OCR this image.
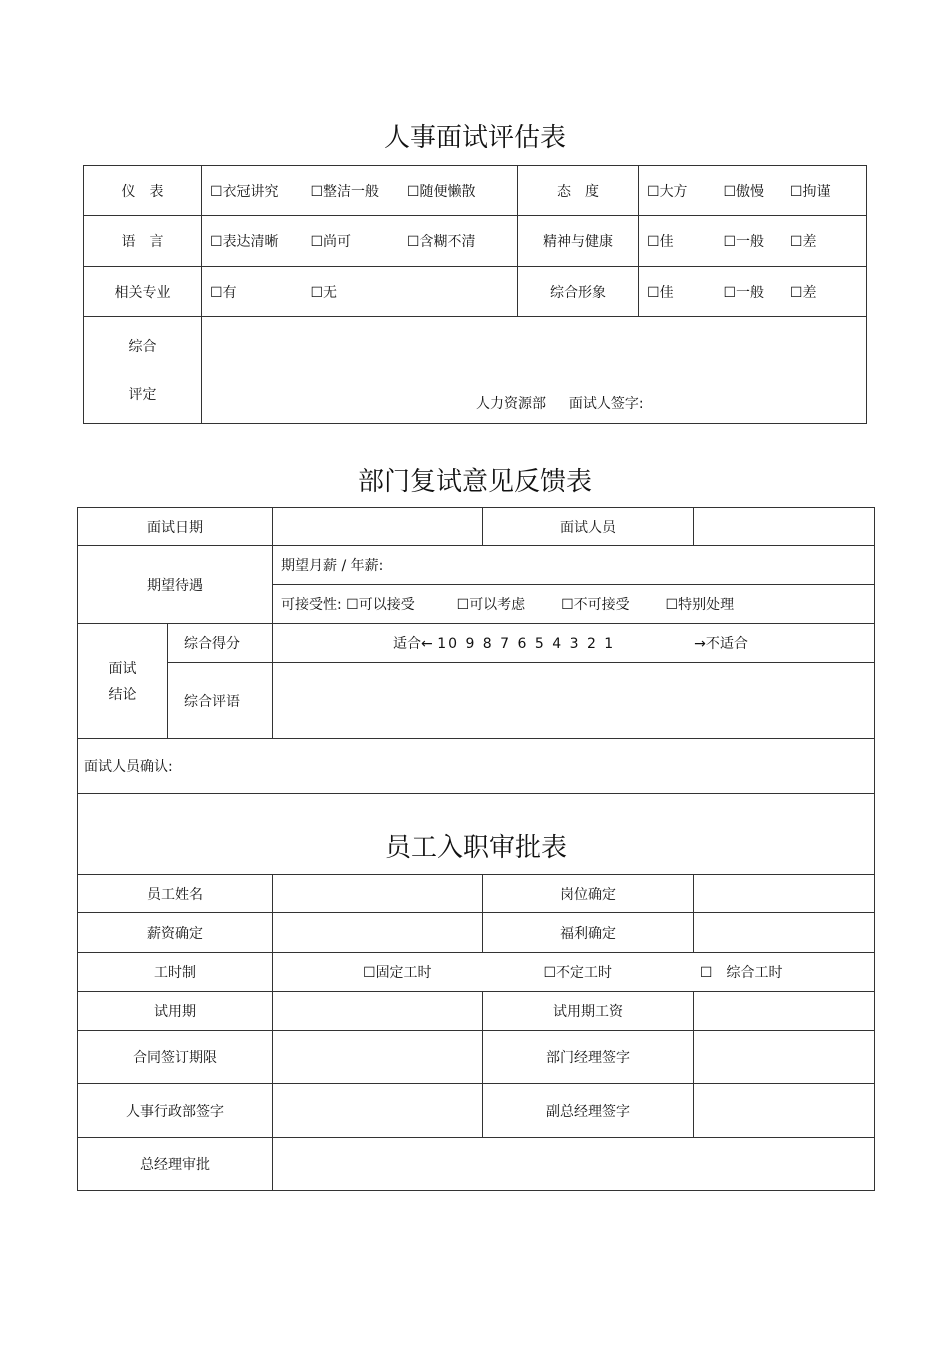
人事面试评估表
仪　表	☐ 衣冠讲究 ☐ 整洁一般 ☐ 随便懒散	态　度	☐ 大方 ☐ 傲慢 ☐ 拘谨
语　言	☐ 表达清晰 ☐ 尚可 ☐ 含糊不清	精神与健康	☐ 佳 ☐ 一般 ☐ 差
相关专业	☐ 有 ☐ 无	综合形象	☐ 佳 ☐ 一般 ☐ 差

综合
评定	人力资源部 面试人签字:		
部门复试意见反馈表
面试日期			面试人员	
期望待遇		期望月薪 / 年薪:		
		可接受性: ☐ 可以接受 ☐ 可以考虑 ☐ 不可接受 ☐ 特别处理

面试
结论	综合得分	适合← 10 9 8 7 6 5 4 3 2 1 →不适合		
	综合评语			
面试人员确认:				
员工入职审批表				
员工姓名			岗位确定	
薪资确定			福利确定	
工时制		☐ 固定工时 ☐ 不定工时 ☐ 　综合工时
试用期			试用期工资	
合同签订期限			部门经理签字	
人事行政部签字			副总经理签字	
总经理审批				
